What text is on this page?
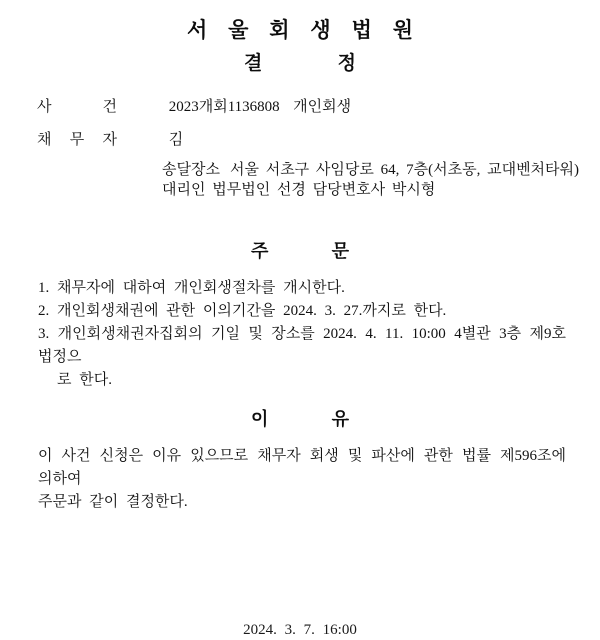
서 울 회 생 법 원
결 정
사 건	2023개회1136808  개인회생
채 무 자	김
송달장소 서울 서초구 사임당로 64, 7층(서초동, 교대벤처타워)
대리인 법무법인 선경 담당변호사 박시형
주 문
1. 채무자에 대하여 개인회생절차를 개시한다.
2. 개인회생채권에 관한 이의기간을 2024. 3. 27.까지로 한다.
3. 개인회생채권자집회의 기일 및 장소를 2024. 4. 11. 10:00 4별관 3층 제9호 법정으
로 한다.
이 유
이 사건 신청은 이유 있으므로 채무자 회생 및 파산에 관한 법률 제596조에 의하여
주문과 같이 결정한다.
2024. 3. 7. 16:00
